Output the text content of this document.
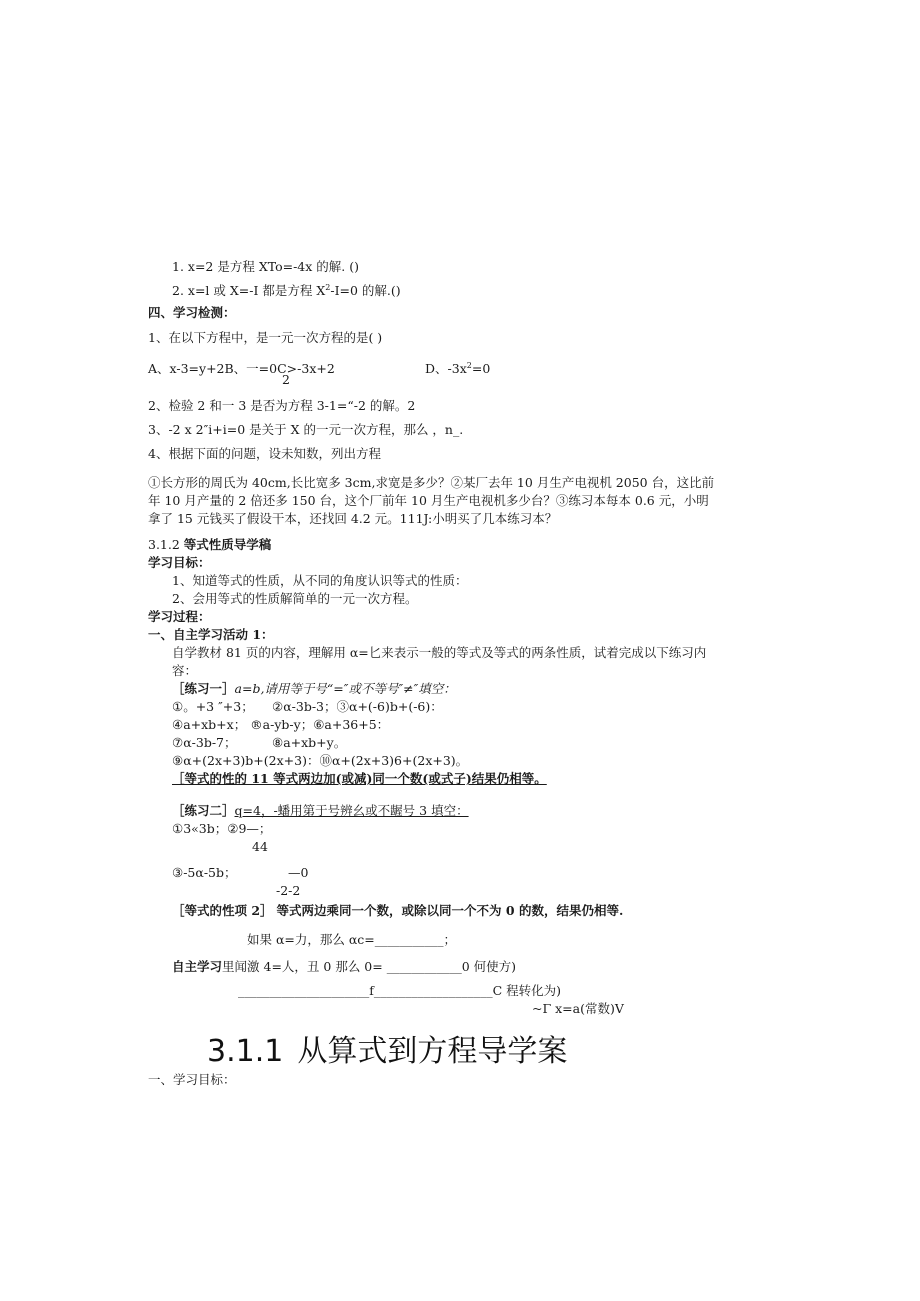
1. x=2 是方程 XTo=-4x 的解. ()
2. x=l 或 X=-I 都是方程 $X^2-I=0$ 的解.()
四、学习检测：
1、在以下方程中，是一元一次方程的是( )
A、x-3=y+2B、一=0C>-3x+2	D、$-3x^2=0$
2
2、检验 2 和一 3 是否为方程 3-1=“-2 的解。2
3、-2 x 2″i+i=0 是关于 X 的一元一次方程，那么 ，n_.
4、根据下面的问题，设未知数，列出方程
①长方形的周氏为 40cm,长比宽多 3cm,求宽是多少？②某厂去年 10 月生产电视机 2050 台，这比前
年 10 月产量的 2 倍还多 150 台，这个厂前年 10 月生产电视机多少台？③练习本每本 0.6 元，小明
拿了 15 元钱买了假设干本，还找回 4.2 元。111J:小明买了几本练习本？
3.1.2 等式性质导学稿
学习目标：
1、知道等式的性质，从不同的角度认识等式的性质：
2、会用等式的性质解简单的一元一次方程。
学习过程：
一、自主学习活动 1：
自学教材 81 页的内容，理解用 α=匕来表示一般的等式及等式的两条性质，试着完成以下练习内
容：
［练习一］a=b,请用等于号“=″或不等号″≠″填空：
①。+3 ″+3； ②α-3b-3；③α+(-6)b+(-6)：
④a+xb+x； ®a-yb-y；⑥a+36+5：
⑦α-3b-7；	⑧a+xb+y。
⑨α+(2x+3)b+(2x+3)：⑩α+(2x+3)6+(2x+3)。
［等式的性的 11 等式两边加(或减)同一个数(或式子)结果仍相等。
［练习二］q=4，-蟠用第于号辨幺或不龌号 3 填空：
①3«3b；②9—；
44
③-5α-5b；	—0
-2-2
［等式的性项 2］ 等式两边乘同一个数，或除以同一个不为 0 的数，结果仍相等.
如果 α=力，那么 αc=___________；
自主学习里闻激 4=人，丑 0 那么 0= ____________0 何使方)
_____________________f___________________C 程转化为)
~Γ x=a(常数)V
3.1.1 从算式到方程导学案
一、学习目标：
